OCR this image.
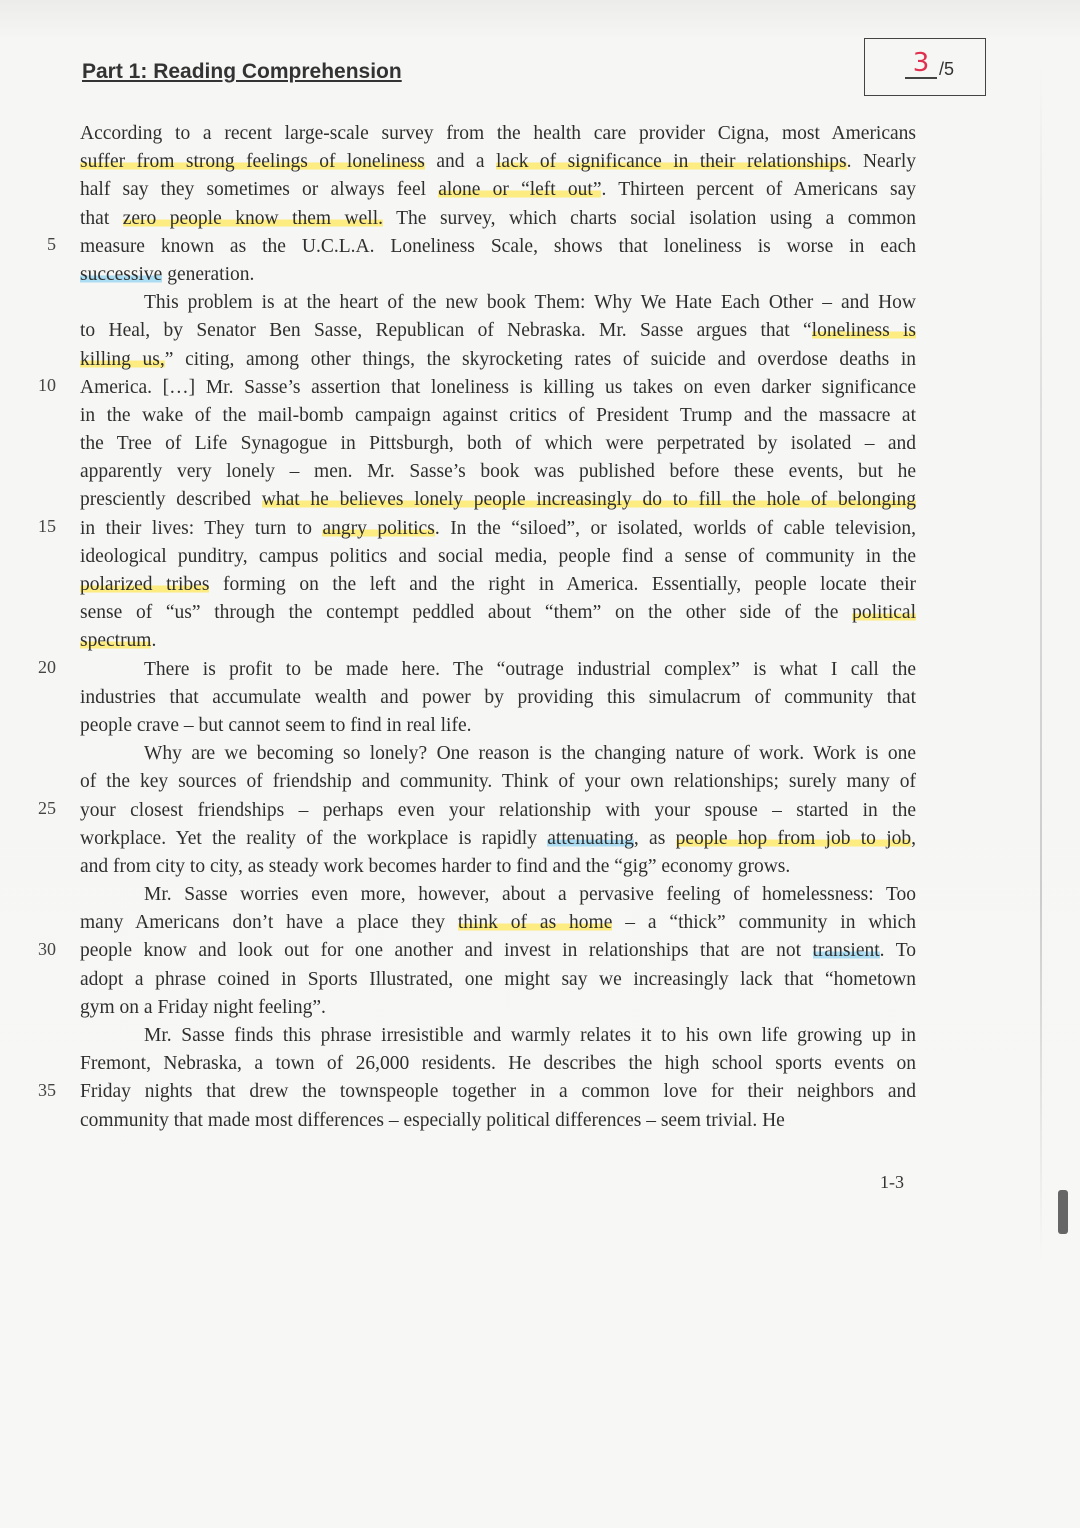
Part 1: Reading Comprehension	3 /5
According to a recent large-scale survey from the health care provider Cigna, most Americans
suffer from strong feelings of loneliness and a lack of significance in their relationships. Nearly
half say they sometimes or always feel alone or “left out”. Thirteen percent of Americans say
that zero people know them well. The survey, which charts social isolation using a common
measure known as the U.C.L.A. Loneliness Scale, shows that loneliness is worse in each
successive generation.
This problem is at the heart of the new book Them: Why We Hate Each Other – and How
to Heal, by Senator Ben Sasse, Republican of Nebraska. Mr. Sasse argues that “loneliness is
killing us,” citing, among other things, the skyrocketing rates of suicide and overdose deaths in
America. […] Mr. Sasse’s assertion that loneliness is killing us takes on even darker significance
in the wake of the mail-bomb campaign against critics of President Trump and the massacre at
the Tree of Life Synagogue in Pittsburgh, both of which were perpetrated by isolated – and
apparently very lonely – men. Mr. Sasse’s book was published before these events, but he
presciently described what he believes lonely people increasingly do to fill the hole of belonging
in their lives: They turn to angry politics. In the “siloed”, or isolated, worlds of cable television,
ideological punditry, campus politics and social media, people find a sense of community in the
polarized tribes forming on the left and the right in America. Essentially, people locate their
sense of “us” through the contempt peddled about “them” on the other side of the political
spectrum.
There is profit to be made here. The “outrage industrial complex” is what I call the
industries that accumulate wealth and power by providing this simulacrum of community that
people crave – but cannot seem to find in real life.
Why are we becoming so lonely? One reason is the changing nature of work. Work is one
of the key sources of friendship and community. Think of your own relationships; surely many of
your closest friendships – perhaps even your relationship with your spouse – started in the
workplace. Yet the reality of the workplace is rapidly attenuating, as people hop from job to job,
and from city to city, as steady work becomes harder to find and the “gig” economy grows.
Mr. Sasse worries even more, however, about a pervasive feeling of homelessness: Too
many Americans don’t have a place they think of as home – a “thick” community in which
people know and look out for one another and invest in relationships that are not transient. To
adopt a phrase coined in Sports Illustrated, one might say we increasingly lack that “hometown
gym on a Friday night feeling”.
Mr. Sasse finds this phrase irresistible and warmly relates it to his own life growing up in
Fremont, Nebraska, a town of 26,000 residents. He describes the high school sports events on
Friday nights that drew the townspeople together in a common love for their neighbors and
community that made most differences – especially political differences – seem trivial. He
5
10
15
20
25
30
35
1-3
